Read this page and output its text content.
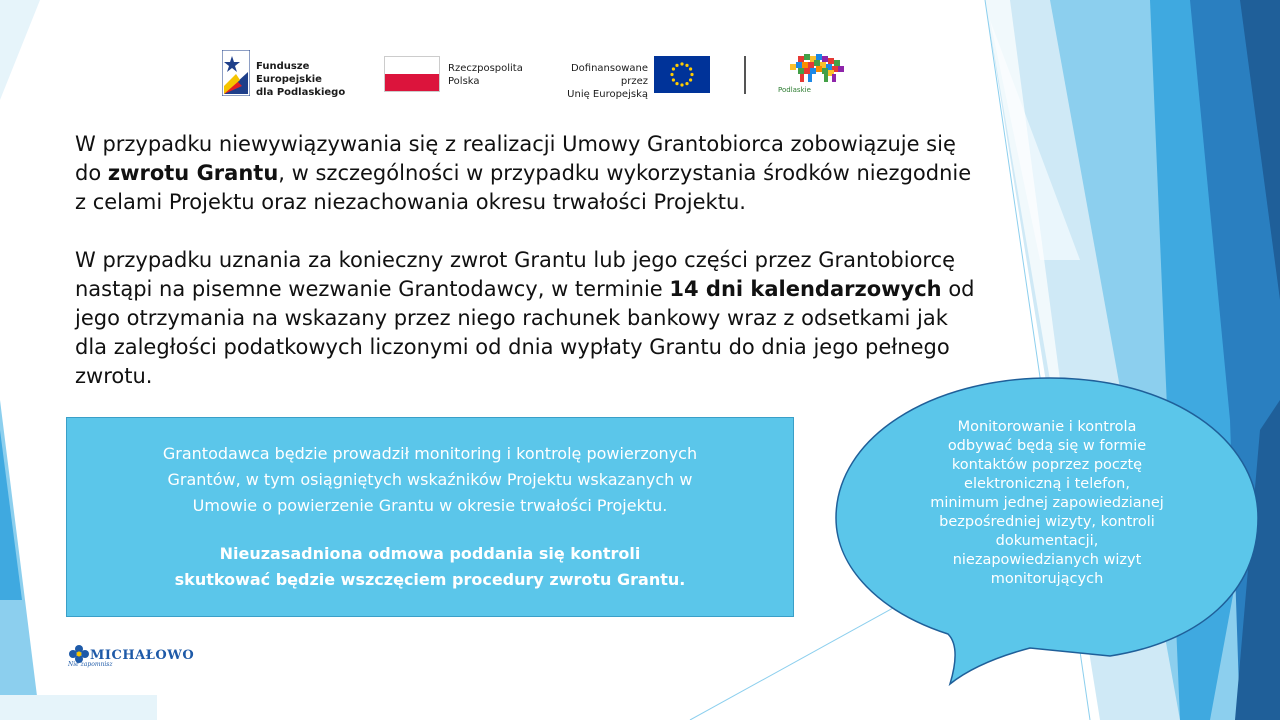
Fundusze Europejskie
dla Podlaskiego
Rzeczpospolita
Polska
Dofinansowane przez
Unię Europejską	Podlaskie
W przypadku niewywiązywania się z realizacji Umowy Grantobiorca zobowiązuje się do zwrotu Grantu, w szczególności w przypadku wykorzystania środków niezgodnie z celami Projektu oraz niezachowania okresu trwałości Projektu.
W przypadku uznania za konieczny zwrot Grantu lub jego części przez Grantobiorcę nastąpi na pisemne wezwanie Grantodawcy, w terminie 14 dni kalendarzowych od jego otrzymania na wskazany przez niego rachunek bankowy wraz z odsetkami jak dla zaległości podatkowych liczonymi od dnia wypłaty Grantu do dnia jego pełnego zwrotu.
Grantodawca będzie prowadził monitoring i kontrolę powierzonych
Grantów, w tym osiągniętych wskaźników Projektu wskazanych w
Umowie o powierzenie Grantu w okresie trwałości Projektu.
Nieuzasadniona odmowa poddania się kontroli
skutkować będzie wszczęciem procedury zwrotu Grantu.
Monitorowanie i kontrola
odbywać będą się w formie
kontaktów poprzez pocztę
elektroniczną i telefon,
minimum jednej zapowiedzianej
bezpośredniej wizyty, kontroli
dokumentacji,
niezapowiedzianych wizyt
monitorujących
MICHAŁOWO
Nie zapomnisz
